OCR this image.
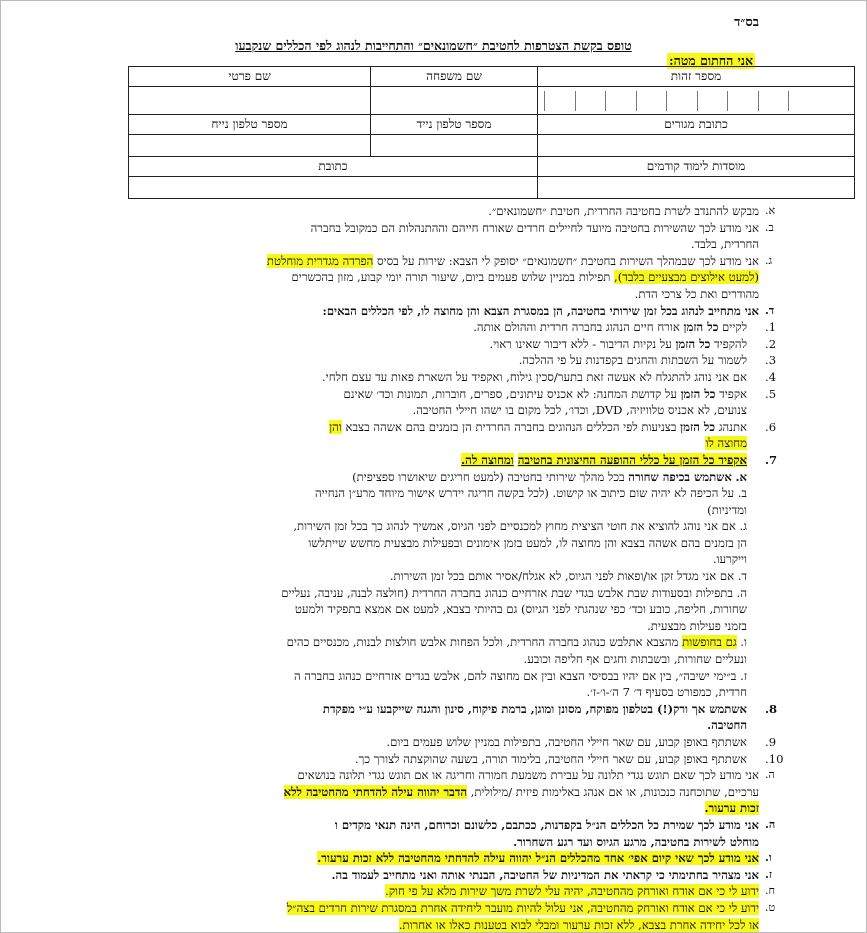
בס״ד
טופס בקשת הצטרפות לחטיבת ״חשמונאים״ והתחייבות לנהוג לפי הכללים שנקבעו
אני החתום מטה:
מספר זהות	שם משפחה	שם פרטי

כתובת מגורים	מספר טלפון נייד	מספר טלפון נייח

מוסדות לימוד קודמים	כתובת	

א.
מבקש להתנדב לשרת בחטיבה החרדית, חטיבת ״חשמונאים״.
ב.
אני מודע לכך שהשירות בחטיבה מיועד לחיילים חרדים שאורח חייהם וההתנהלות הם כמקובל בחברה
החרדית, בלבד.
ג.
אני מודע לכך שבמהלך השירות בחטיבת ״חשמונאים״ יסופק לי הצבא: שירות על בסיס הפרדה מגדרית מוחלטת
(למעט אילוצים מבצעיים בלבד), תפילות במניין שלוש פעמים ביום, שיעור תורה יומי קבוע, מזון בהכשרים
מהודרים ואת כל צרכי הדת.
ד.
אני מתחייב לנהוג בכל זמן שירותי בחטיבה, הן במסגרת הצבא והן מחוצה לו, לפי הכללים הבאים:
1.
לקיים כל הזמן אורח חיים הנהוג בחברה חרדית וההולם אותה.
2.
להקפיד כל הזמן על נקיות הדיבור - ללא דיבור שאינו ראוי.
3.
לשמור על השבתות והחגים בקפדנות על פי ההלכה.
4.
אם אני נוהג להתגלח לא אעשה זאת בתער/סכין גילוח, ואקפיד על השארת פאות עד עצם חלחי.
5.
אקפיד כל הזמן על קדושת המחנה: לא אכניס עיתונים, ספרים, חוברות, תמונות וכד׳ שאינם
צנועים, לא אכניס טלוויזיה, DVD, וכדו׳, לכל מקום בו ישהו חיילי החטיבה.
6.
אתנהג כל הזמן בצניעות לפי הכללים הנהוגים בחברה החרדית הן בזמנים בהם אשהה בצבא והן
מחוצה לו
7.
אקפיד כל הזמן על כללי ההופעה החיצונית בחטיבה ומחוצה לה.
א. אשתמש בכיפה שחורה בכל מהלך שירותי בחטיבה (למעט חריגים שיאושרו ספציפית)
ב. על הכיפה לא יהיה שום כיתוב או קישוט. (לכל בקשה חריגה יידרש אישור מיוחד מרע״ן הנחייה
ומדיניות)
ג. אם אני נוהג להוציא את חוטי הציצית מחוץ למכנסיים לפני הגיוס, אמשיך לנהוג כך בכל זמן השירות,
הן בזמנים בהם אשהה בצבא והן מחוצה לו, למעט בזמן אימונים ובפעילות מבצעית מחשש שייתלשו
וייקרעו.
ד. אם אני מגדל זקן או/ופאות לפני הגיוס, לא אגלח/אסיר אותם בכל זמן השירות.
ה. בתפילות ובסעודות שבת אלבש בגדי שבת אזרחיים כנהוג בחברה החרדית (חולצה לבנה, עניבה, נעליים
שחורות, חליפה, כובע וכד׳ כפי שנהגתי לפני הגיוס) גם בהיותי בצבא, למעט אם אמצא בתפקיד ולמעט
בזמני פעילות מבצעית.
ו. גם בחופשות מהצבא אתלבש כנהוג בחברה החרדית, ולכל הפחות אלבש חולצות לבנות, מכנסיים כהים
ונעליים שחורות, ובשבתות וחגים אף חליפה וכובע.
ז. ב״ימי ישיבה״, בין אם יהיו בבסיסי הצבא ובין אם מחוצה להם, אלבש בגדים אזרחיים כנהוג בחברה ה
חרדית, כמפורט בסעיף ד׳ 7 ה׳-ו׳-ז׳.
8.
אשתמש אך ורק(!) בטלפון מפוקח, מסונן ומוגן, ברמת פיקוח, סינון והגנה שייקבעו ע״י מפקדת
החטיבה.
9.
אשתתף באופן קבוע, עם שאר חיילי החטיבה, בתפילות במניין שלוש פעמים ביום.
10.
אשתתף באופן קבוע, עם שאר חיילי החטיבה, בלימוד תורה, בשעה שהוקצתה לצורך כך.
ה.
אני מודע לכך שאם תוגש נגדי תלונה על עבירת משמעת חמורה וחריגה או אם תוגש נגדי תלונה בנושאים
ערכיים, שתוכחנה כנכונות, או אם אנהג באלימות פיזית /מילולית, הדבר יהווה עילה להדחתי מהחטיבה ללא
זכות ערעור.
ה.
אני מודע לכך שמירת כל הכללים הנ״ל בקפדנות, ככתבם, כלשונם וכרוחם, הינה תנאי מקדים ו
מוחלט לשירות בחטיבה, מרגע הגיוס ועד רגע השחרור.
ו.
אני מודע לכך שאי קיום אפי׳ אחד מהכללים הנ״ל יהווה עילה להדחתי מהחטיבה ללא זכות ערעור.
ז.
אני מצהיר בחתימתי כי קראתי את המדיניות של החטיבה, הבנתי אותה ואני מתחייב לעמוד בה.
ח.
ידוע לי כי אם אודח ואורחק מהחטיבה, יהיה עלי לשרת משך שירות מלא על פי חוק.
ט.
ידוע לי כי אם אודח ואורחק מהחטיבה, אני עלול להיות מועבר ליחידה אחרת במסגרת שירות חרדים בצה״ל
או לכל יחידה אחרת בצבא, ללא זכות ערעור ומבלי לבוא בטענות כאלו או אחרות.
